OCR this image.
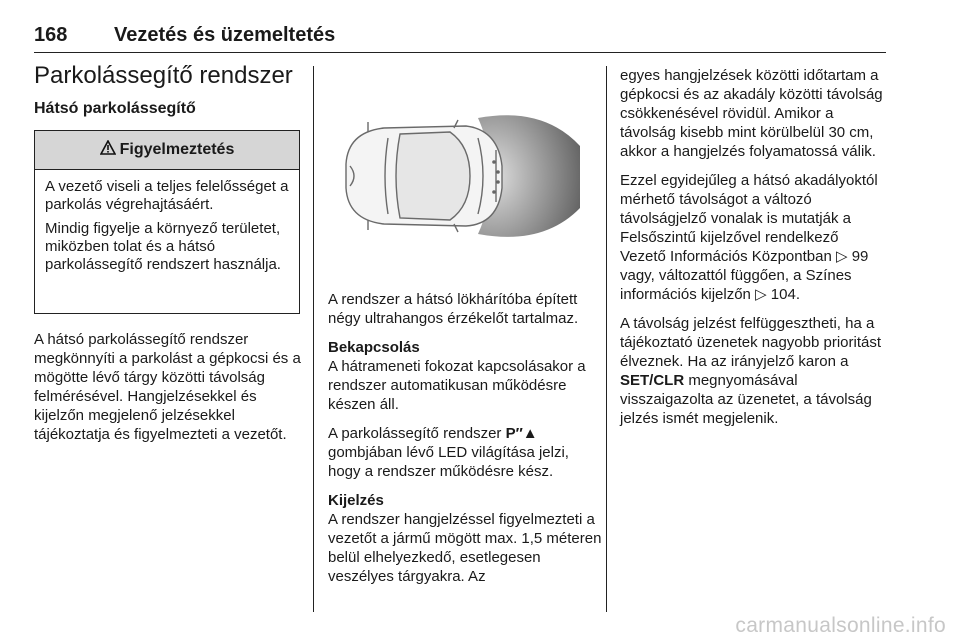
168 Vezetés és üzemeltetés
Parkolássegítő rendszer
Hátsó parkolássegítő
Figyelmeztetés

A vezető viseli a teljes felelősséget a parkolás végrehajtásáért.

Mindig figyelje a környező területet, miközben tolat és a hátsó parkolássegítő rendszert használja.

A hátsó parkolássegítő rendszer megkönnyíti a parkolást a gépkocsi és a mögötte lévő tárgy közötti távolság felmérésével. Hangjelzésekkel és kijelzőn megjelenő jelzésekkel tájékoztatja és figyelmezteti a vezetőt.

A rendszer a hátsó lökhárítóba épített négy ultrahangos érzékelőt tartalmaz.

Bekapcsolás

A hátrameneti fokozat kapcsolásakor a rendszer automatikusan működésre készen áll.

A parkolássegítő rendszer P′′▲
gombjában lévő LED világítása jelzi, hogy a rendszer működésre kész.

Kijelzés

A rendszer hangjelzéssel figyelmezteti a vezetőt a jármű mögött max. 1,5 méteren belül elhelyezkedő, esetlegesen veszélyes tárgyakra. Az

egyes hangjelzések közötti időtartam a gépkocsi és az akadály közötti távolság csökkenésével rövidül. Amikor a távolság kisebb mint körülbelül 30 cm, akkor a hangjelzés folyamatossá válik.

Ezzel egyidejűleg a hátsó akadályoktól mérhető távolságot a változó távolságjelző vonalak is mutatják a Felsőszintű kijelzővel rendelkező Vezető Információs Központban ▷ 99 vagy, változattól függően, a Színes információs kijelzőn ▷ 104.

A távolság jelzést felfüggesztheti, ha a tájékoztató üzenetek nagyobb prioritást élveznek. Ha az irányjelző karon a SET/CLR megnyomásával visszaigazolta az üzenetet, a távolság jelzés ismét megjelenik.

carmanualsonline.info
